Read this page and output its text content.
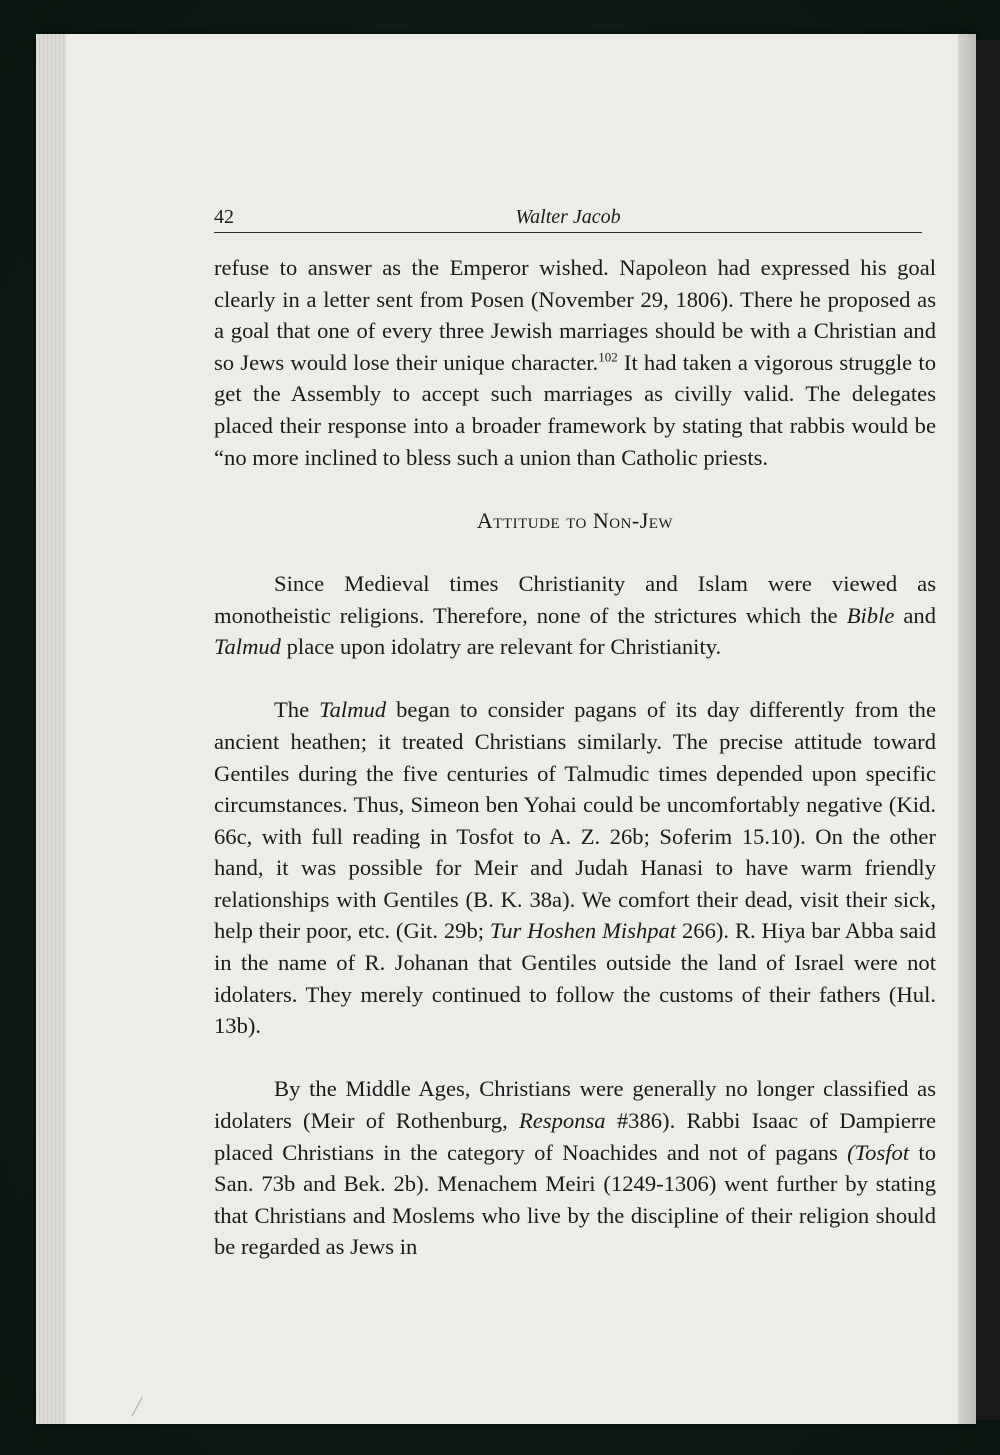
42	Walter Jacob

refuse to answer as the Emperor wished. Napoleon had expressed his goal clearly in a letter sent from Posen (November 29, 1806). There he proposed as a goal that one of every three Jewish marriages should be with a Christian and so Jews would lose their unique character.$^{102}$ It had taken a vigorous struggle to get the Assembly to accept such marriages as civilly valid. The delegates placed their response into a broader framework by stating that rabbis would be “no more inclined to bless such a union than Catholic priests.

Attitude to Non-Jew

Since Medieval times Christianity and Islam were viewed as monotheistic religions. Therefore, none of the strictures which the Bible and Talmud place upon idolatry are relevant for Christianity.

The Talmud began to consider pagans of its day differently from the ancient heathen; it treated Christians similarly. The precise attitude toward Gentiles during the five centuries of Talmudic times depended upon specific circumstances. Thus, Simeon ben Yohai could be uncomfortably negative (Kid. 66c, with full reading in Tosfot to A. Z. 26b; Soferim 15.10). On the other hand, it was possible for Meir and Judah Hanasi to have warm friendly relationships with Gentiles (B. K. 38a). We comfort their dead, visit their sick, help their poor, etc. (Git. 29b; Tur Hoshen Mishpat 266). R. Hiya bar Abba said in the name of R. Johanan that Gentiles outside the land of Israel were not idolaters. They merely continued to follow the customs of their fathers (Hul. 13b).

By the Middle Ages, Christians were generally no longer classified as idolaters (Meir of Rothenburg, Responsa #386). Rabbi Isaac of Dampierre placed Christians in the category of Noachides and not of pagans (Tosfot to San. 73b and Bek. 2b). Menachem Meiri (1249-1306) went further by stating that Christians and Moslems who live by the discipline of their religion should be regarded as Jews in
